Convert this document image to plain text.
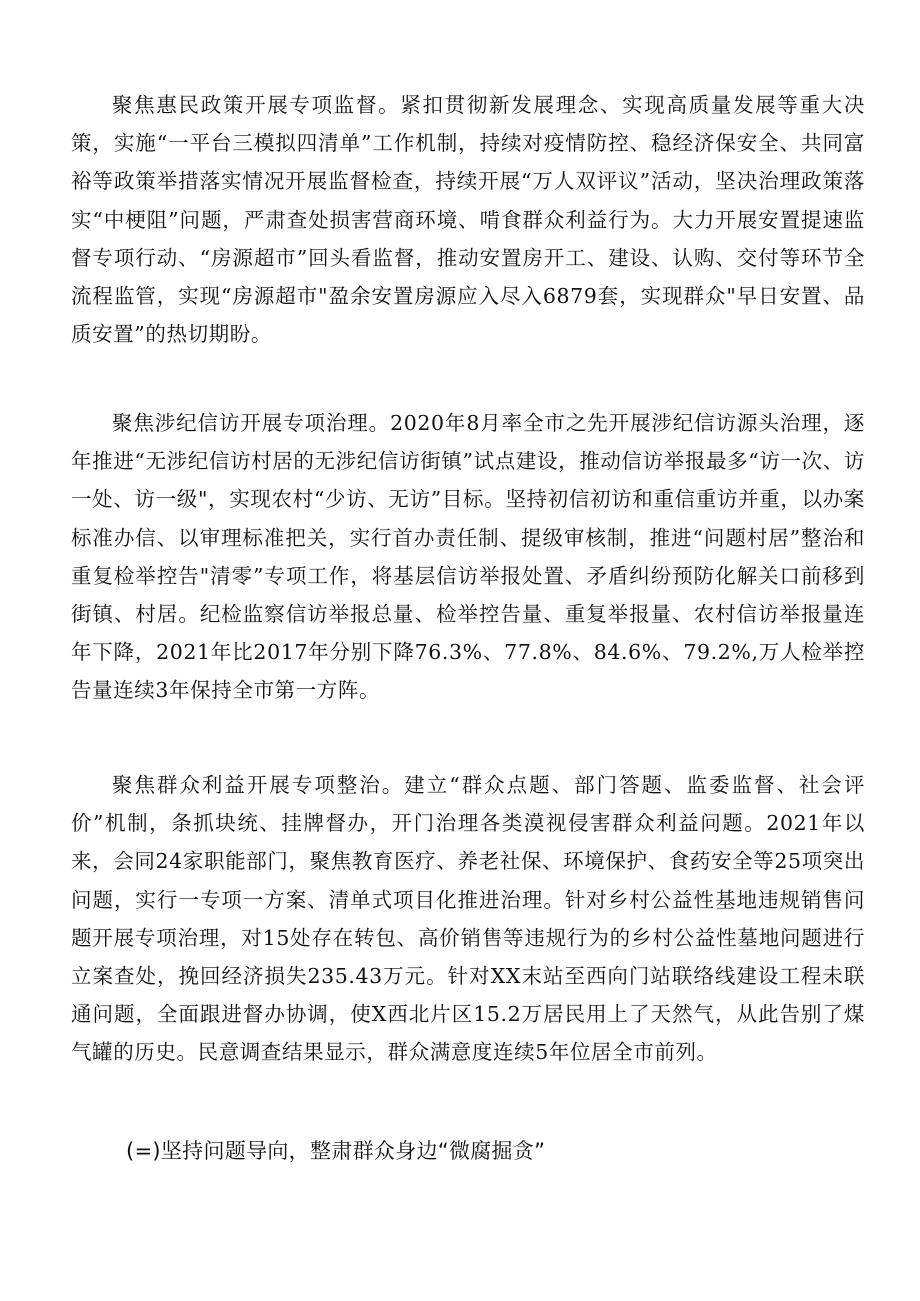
聚焦惠民政策开展专项监督。紧扣贯彻新发展理念、实现高质量发展等重大决策，实施“一平台三模拟四清单”工作机制，持续对疫情防控、稳经济保安全、共同富裕等政策举措落实情况开展监督检查，持续开展“万人双评议”活动，坚决治理政策落实“中梗阻”问题，严肃查处损害营商环境、啃食群众利益行为。大力开展安置提速监督专项行动、“房源超市”回头看监督，推动安置房开工、建设、认购、交付等环节全流程监管，实现“房源超市"盈余安置房源应入尽入6879套，实现群众"早日安置、品质安置”的热切期盼。

聚焦涉纪信访开展专项治理。2020年8月率全市之先开展涉纪信访源头治理，逐年推进“无涉纪信访村居的无涉纪信访街镇”试点建设，推动信访举报最多“访一次、访一处、访一级"，实现农村“少访、无访”目标。坚持初信初访和重信重访并重，以办案标准办信、以审理标准把关，实行首办责任制、提级审核制，推进“问题村居”整治和重复检举控告"清零”专项工作，将基层信访举报处置、矛盾纠纷预防化解关口前移到街镇、村居。纪检监察信访举报总量、检举控告量、重复举报量、农村信访举报量连年下降，2021年比2017年分别下降76.3%、77.8%、84.6%、79.2%,万人检举控告量连续3年保持全市第一方阵。

聚焦群众利益开展专项整治。建立“群众点题、部门答题、监委监督、社会评价”机制，条抓块统、挂牌督办，开门治理各类漠视侵害群众利益问题。2021年以来，会同24家职能部门，聚焦教育医疗、养老社保、环境保护、食药安全等25项突出问题，实行一专项一方案、清单式项目化推进治理。针对乡村公益性基地违规销售问题开展专项治理，对15处存在转包、高价销售等违规行为的乡村公益性墓地问题进行立案查处，挽回经济损失235.43万元。针对XX末站至西向门站联络线建设工程未联通问题，全面跟进督办协调，使X西北片区15.2万居民用上了天然气，从此告别了煤气罐的历史。民意调查结果显示，群众满意度连续5年位居全市前列。

(=)坚持问题导向，整肃群众身边“微腐掘贪”
